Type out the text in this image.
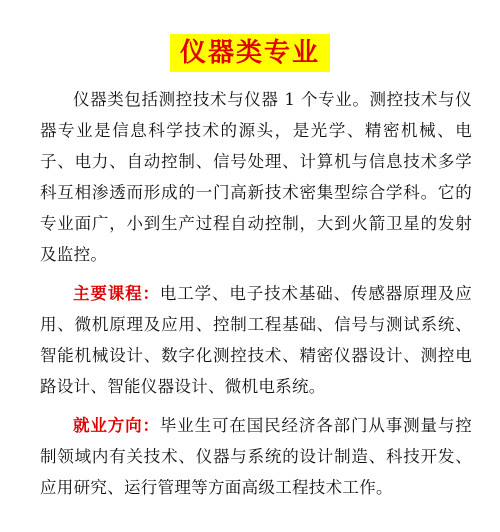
仪器类专业

仪器类包括测控技术与仪器 1 个专业。测控技术与仪器专业是信息科学技术的源头，是光学、精密机械、电子、电力、自动控制、信号处理、计算机与信息技术多学科互相渗透而形成的一门高新技术密集型综合学科。它的专业面广，小到生产过程自动控制，大到火箭卫星的发射及监控。

主要课程：电工学、电子技术基础、传感器原理及应用、微机原理及应用、控制工程基础、信号与测试系统、智能机械设计、数字化测控技术、精密仪器设计、测控电路设计、智能仪器设计、微机电系统。

就业方向：毕业生可在国民经济各部门从事测量与控制领域内有关技术、仪器与系统的设计制造、科技开发、应用研究、运行管理等方面高级工程技术工作。
